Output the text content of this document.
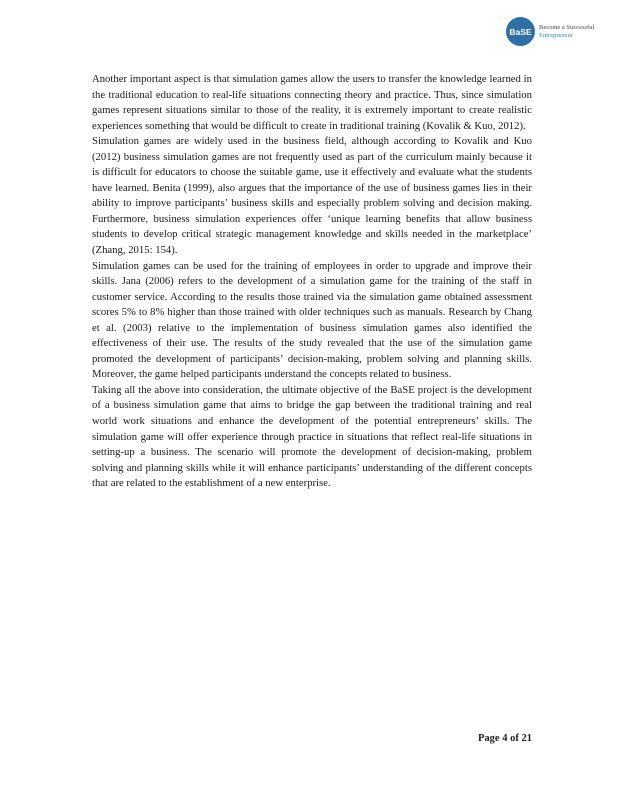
BaSE	Become a Successful
Entrepreneur

Another important aspect is that simulation games allow the users to transfer the knowledge learned in the traditional education to real-life situations connecting theory and practice. Thus, since simulation games represent situations similar to those of the reality, it is extremely important to create realistic experiences something that would be difficult to create in traditional training (Kovalik & Kuo, 2012).

Simulation games are widely used in the business field, although according to Kovalik and Kuo (2012) business simulation games are not frequently used as part of the curriculum mainly because it is difficult for educators to choose the suitable game, use it effectively and evaluate what the students have learned. Benita (1999), also argues that the importance of the use of business games lies in their ability to improve participants’ business skills and especially problem solving and decision making. Furthermore, business simulation experiences offer ‘unique learning benefits that allow business students to develop critical strategic management knowledge and skills needed in the marketplace’ (Zhang, 2015: 154).

Simulation games can be used for the training of employees in order to upgrade and improve their skills. Jana (2006) refers to the development of a simulation game for the training of the staff in customer service. According to the results those trained via the simulation game obtained assessment scores 5% to 8% higher than those trained with older techniques such as manuals. Research by Chang et al. (2003) relative to the implementation of business simulation games also identified the effectiveness of their use. The results of the study revealed that the use of the simulation game promoted the development of participants’ decision-making, problem solving and planning skills. Moreover, the game helped participants understand the concepts related to business.

Taking all the above into consideration, the ultimate objective of the BaSE project is the development of a business simulation game that aims to bridge the gap between the traditional training and real world work situations and enhance the development of the potential entrepreneurs’ skills. The simulation game will offer experience through practice in situations that reflect real-life situations in setting-up a business. The scenario will promote the development of decision-making, problem solving and planning skills while it will enhance participants’ understanding of the different concepts that are related to the establishment of a new enterprise.

Page 4 of 21
